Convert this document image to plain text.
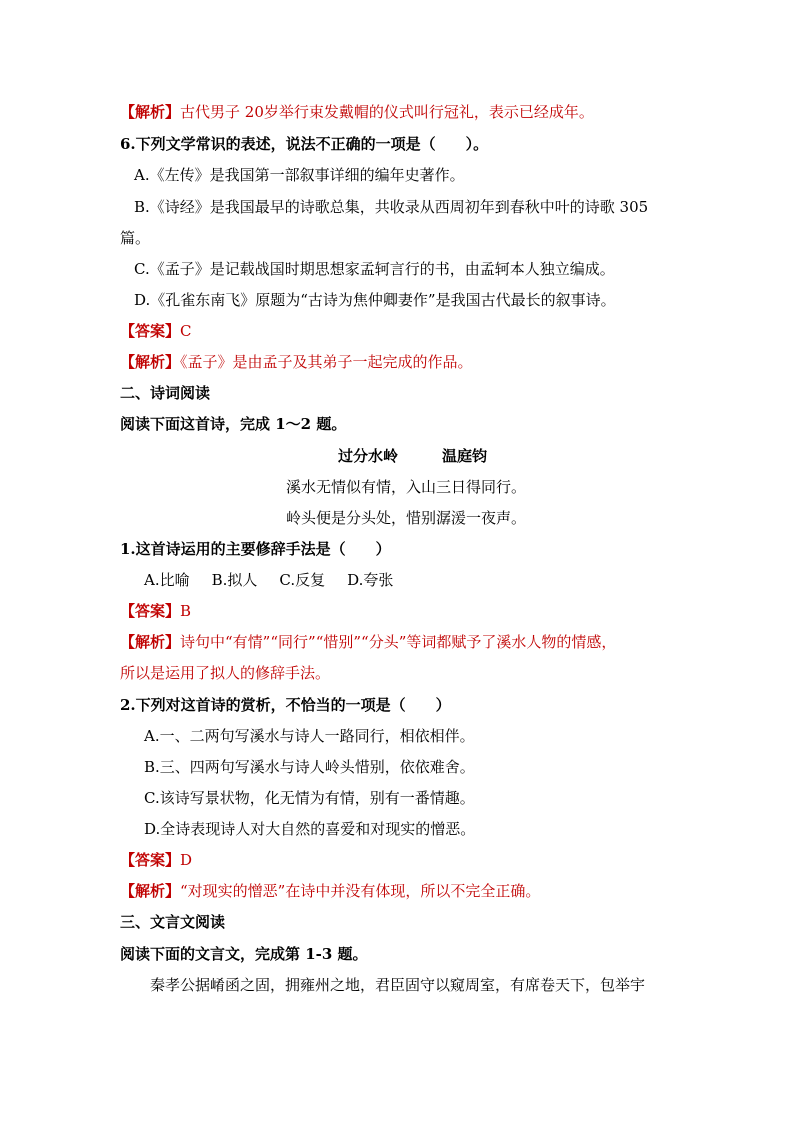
【解析】古代男子 20岁举行束发戴帽的仪式叫行冠礼，表示已经成年。
6.下列文学常识的表述，说法不正确的一项是（　　）。
A.《左传》是我国第一部叙事详细的编年史著作。
B.《诗经》是我国最早的诗歌总集，共收录从西周初年到春秋中叶的诗歌 305
篇。
C.《孟子》是记载战国时期思想家孟轲言行的书，由孟轲本人独立编成。
D.《孔雀东南飞》原题为“古诗为焦仲卿妻作”是我国古代最长的叙事诗。
【答案】C
【解析】《孟子》是由孟子及其弟子一起完成的作品。
二、诗词阅读
阅读下面这首诗，完成 1～2 题。
过分水岭	温庭钧
溪水无情似有情，入山三日得同行。
岭头便是分头处，惜别潺湲一夜声。
1.这首诗运用的主要修辞手法是（　　）
A.比喻 B.拟人 C.反复 D.夸张
【答案】B
【解析】诗句中“有情”“同行”“惜别”“分头”等词都赋予了溪水人物的情感，
所以是运用了拟人的修辞手法。
2.下列对这首诗的赏析，不恰当的一项是（　　）
A.一、二两句写溪水与诗人一路同行，相依相伴。
B.三、四两句写溪水与诗人岭头惜别，依依难舍。
C.该诗写景状物，化无情为有情，别有一番情趣。
D.全诗表现诗人对大自然的喜爱和对现实的憎恶。
【答案】D
【解析】“对现实的憎恶”在诗中并没有体现，所以不完全正确。
三、文言文阅读
阅读下面的文言文，完成第 1-3 题。
秦孝公据崤函之固，拥雍州之地，君臣固守以窥周室，有席卷天下，包举宇
